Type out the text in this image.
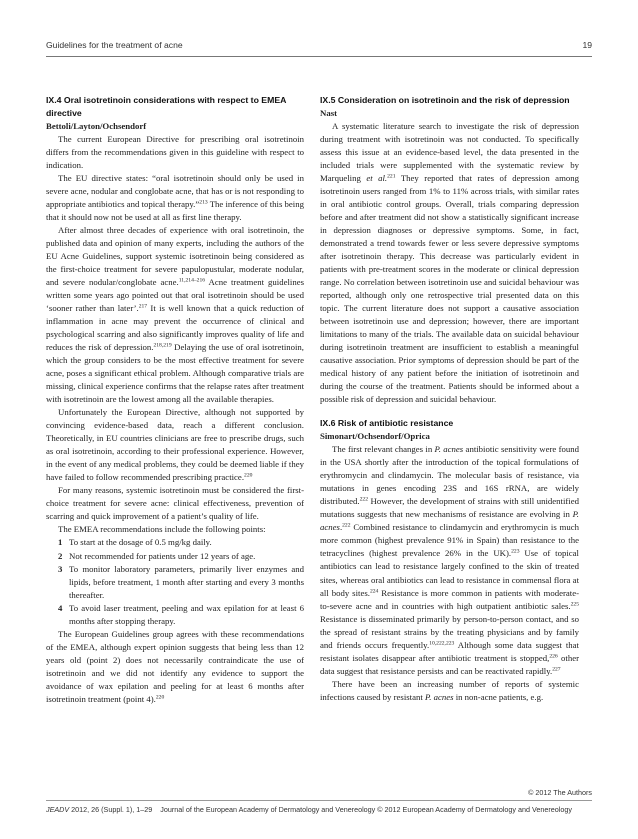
Guidelines for the treatment of acne	19
IX.4 Oral isotretinoin considerations with respect to EMEA directive
Bettoli/Layton/Ochsendorf

The current European Directive for prescribing oral isotretinoin differs from the recommendations given in this guideline with respect to indication.

The EU directive states: “oral isotretinoin should only be used in severe acne, nodular and conglobate acne, that has or is not responding to appropriate antibiotics and topical therapy.”$^{213}$ The inference of this being that it should now not be used at all as first line therapy.

After almost three decades of experience with oral isotretinoin, the published data and opinion of many experts, including the authors of the EU Acne Guidelines, support systemic isotretinoin being considered as the first-choice treatment for severe papulopustular, moderate nodular, and severe nodular/conglobate acne.$^{11,214-216}$ Acne treatment guidelines written some years ago pointed out that oral isotretinoin should be used ‘sooner rather than later’.$^{217}$ It is well known that a quick reduction of inflammation in acne may prevent the occurrence of clinical and psychological scarring and also significantly improves quality of life and reduces the risk of depression.$^{218,219}$ Delaying the use of oral isotretinoin, which the group considers to be the most effective treatment for severe acne, poses a significant ethical problem. Although comparative trials are missing, clinical experience confirms that the relapse rates after treatment with isotretinoin are the lowest among all the available therapies.

Unfortunately the European Directive, although not supported by convincing evidence-based data, reach a different conclusion. Theoretically, in EU countries clinicians are free to prescribe drugs, such as oral isotretinoin, according to their professional experience. However, in the event of any medical problems, they could be deemed liable if they have failed to follow recommended prescribing practice.$^{220}$

For many reasons, systemic isotretinoin must be considered the first-choice treatment for severe acne: clinical effectiveness, prevention of scarring and quick improvement of a patient’s quality of life.

The EMEA recommendations include the following points:

1 To start at the dosage of 0.5 mg/kg daily.
2 Not recommended for patients under 12 years of age.
3 To monitor laboratory parameters, primarily liver enzymes and lipids, before treatment, 1 month after starting and every 3 months thereafter.
4 To avoid laser treatment, peeling and wax epilation for at least 6 months after stopping therapy.

The European Guidelines group agrees with these recommendations of the EMEA, although expert opinion suggests that being less than 12 years old (point 2) does not necessarily contraindicate the use of isotretinoin and we did not identify any evidence to support the avoidance of wax epilation and peeling for at least 6 months after isotretinoin treatment (point 4).$^{220}$

IX.5 Consideration on isotretinoin and the risk of depression
Nast

A systematic literature search to investigate the risk of depression during treatment with isotretinoin was not conducted. To specifically assess this issue at an evidence-based level, the data presented in the included trials were supplemented with the systematic review by Marqueling et al.$^{221}$ They reported that rates of depression among isotretinoin users ranged from 1% to 11% across trials, with similar rates in oral antibiotic control groups. Overall, trials comparing depression before and after treatment did not show a statistically significant increase in depression diagnoses or depressive symptoms. Some, in fact, demonstrated a trend towards fewer or less severe depressive symptoms after isotretinoin therapy. This decrease was particularly evident in patients with pre-treatment scores in the moderate or clinical depression range. No correlation between isotretinoin use and suicidal behaviour was reported, although only one retrospective trial presented data on this topic. The current literature does not support a causative association between isotretinoin use and depression; however, there are important limitations to many of the trials. The available data on suicidal behaviour during isotretinoin treatment are insufficient to establish a meaningful causative association. Prior symptoms of depression should be part of the medical history of any patient before the initiation of isotretinoin and during the course of the treatment. Patients should be informed about a possible risk of depression and suicidal behaviour.

IX.6 Risk of antibiotic resistance
Simonart/Ochsendorf/Oprica

The first relevant changes in P. acnes antibiotic sensitivity were found in the USA shortly after the introduction of the topical formulations of erythromycin and clindamycin. The molecular basis of resistance, via mutations in genes encoding 23S and 16S rRNA, are widely distributed.$^{222}$ However, the development of strains with still unidentified mutations suggests that new mechanisms of resistance are evolving in P. acnes.$^{222}$ Combined resistance to clindamycin and erythromycin is much more common (highest prevalence 91% in Spain) than resistance to the tetracyclines (highest prevalence 26% in the UK).$^{223}$ Use of topical antibiotics can lead to resistance largely confined to the skin of treated sites, whereas oral antibiotics can lead to resistance in commensal flora at all body sites.$^{224}$ Resistance is more common in patients with moderate-to-severe acne and in countries with high outpatient antibiotic sales.$^{225}$ Resistance is disseminated primarily by person-to-person contact, and so the spread of resistant strains by the treating physicians and by family and friends occurs frequently.$^{10,222,223}$ Although some data suggest that resistant isolates disappear after antibiotic treatment is stopped,$^{226}$ other data suggest that resistance persists and can be reactivated rapidly.$^{227}$

There have been an increasing number of reports of systemic infections caused by resistant P. acnes in non-acne patients, e.g.

© 2012 The Authors
JEADV 2012, 26 (Suppl. 1), 1–29 Journal of the European Academy of Dermatology and Venereology © 2012 European Academy of Dermatology and Venereology
